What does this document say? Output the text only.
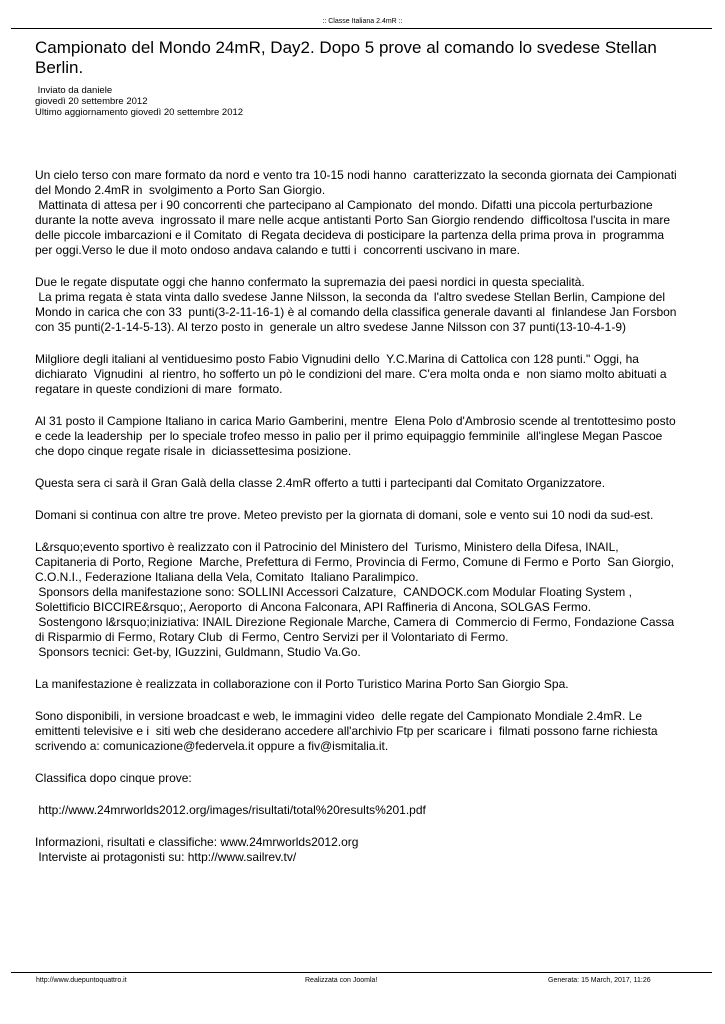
:: Classe Italiana 2.4mR ::
Campionato del Mondo 24mR, Day2. Dopo 5 prove al comando lo svedese Stellan Berlin.
Inviato da daniele
giovedì 20 settembre 2012
Ultimo aggiornamento giovedì 20 settembre 2012
Un cielo terso con mare formato da nord e vento tra 10-15 nodi hanno  caratterizzato la seconda giornata dei Campionati
del Mondo 2.4mR in  svolgimento a Porto San Giorgio.
Mattinata di attesa per i 90 concorrenti che partecipano al Campionato  del mondo. Difatti una piccola perturbazione
durante la notte aveva  ingrossato il mare nelle acque antistanti Porto San Giorgio rendendo  difficoltosa l'uscita in mare
delle piccole imbarcazioni e il Comitato  di Regata decideva di posticipare la partenza della prima prova in  programma
per oggi.Verso le due il moto ondoso andava calando e tutti i  concorrenti uscivano in mare.
Due le regate disputate oggi che hanno confermato la supremazia dei paesi nordici in questa specialità.
La prima regata è stata vinta dallo svedese Janne Nilsson, la seconda da  l'altro svedese Stellan Berlin, Campione del
Mondo in carica che con 33  punti(3-2-11-16-1) è al comando della classifica generale davanti al  finlandese Jan Forsbon
con 35 punti(2-1-14-5-13). Al terzo posto in  generale un altro svedese Janne Nilsson con 37 punti(13-10-4-1-9)
Milgliore degli italiani al ventiduesimo posto Fabio Vignudini dello  Y.C.Marina di Cattolica con 128 punti." Oggi, ha
dichiarato  Vignudini  al rientro, ho sofferto un pò le condizioni del mare. C'era molta onda e  non siamo molto abituati a
regatare in queste condizioni di mare  formato.
Al 31 posto il Campione Italiano in carica Mario Gamberini, mentre  Elena Polo d'Ambrosio scende al trentottesimo posto
e cede la leadership  per lo speciale trofeo messo in palio per il primo equipaggio femminile  all'inglese Megan Pascoe
che dopo cinque regate risale in  diciassettesima posizione.
Questa sera ci sarà il Gran Galà della classe 2.4mR offerto a tutti i partecipanti dal Comitato Organizzatore.
Domani si continua con altre tre prove. Meteo previsto per la giornata di domani, sole e vento sui 10 nodi da sud-est.
L&rsquo;evento sportivo è realizzato con il Patrocinio del Ministero del  Turismo, Ministero della Difesa, INAIL,
Capitaneria di Porto, Regione  Marche, Prefettura di Fermo, Provincia di Fermo, Comune di Fermo e Porto  San Giorgio,
C.O.N.I., Federazione Italiana della Vela, Comitato  Italiano Paralimpico.
Sponsors della manifestazione sono: SOLLINI Accessori Calzature,  CANDOCK.com Modular Floating System ,
Solettificio BICCIRE&rsquo;, Aeroporto  di Ancona Falconara, API Raffineria di Ancona, SOLGAS Fermo.
Sostengono l&rsquo;iniziativa: INAIL Direzione Regionale Marche, Camera di  Commercio di Fermo, Fondazione Cassa
di Risparmio di Fermo, Rotary Club  di Fermo, Centro Servizi per il Volontariato di Fermo.
Sponsors tecnici: Get-by, IGuzzini, Guldmann, Studio Va.Go.
La manifestazione è realizzata in collaborazione con il Porto Turistico Marina Porto San Giorgio Spa.
Sono disponibili, in versione broadcast e web, le immagini video  delle regate del Campionato Mondiale 2.4mR. Le
emittenti televisive e i  siti web che desiderano accedere all'archivio Ftp per scaricare i  filmati possono farne richiesta
scrivendo a: comunicazione@federvela.it oppure a fiv@ismitalia.it.
Classifica dopo cinque prove:
http://www.24mrworlds2012.org/images/risultati/total%20results%201.pdf
Informazioni, risultati e classifiche: www.24mrworlds2012.org
Interviste ai protagonisti su: http://www.sailrev.tv/
http://www.duepuntoquattro.it	Realizzata con Joomla!	Generata: 15 March, 2017, 11:26
